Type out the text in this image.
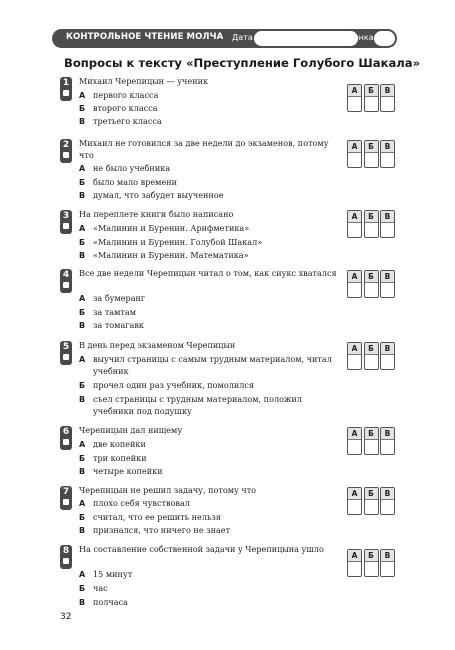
КОНТРОЛЬНОЕ ЧТЕНИЕ МОЛЧА Дата	Оценка
Вопросы к тексту «Преступление Голубого Шакала»
1	Михаил Черепицын — ученик
А первого класса
Б второго класса
В третьего класса
А	Б	В
2	Михаил не готовился за две недели до экзаменов, потому что
А не было учебника
Б было мало времени
В думал, что забудет выученное
А	Б	В
3	На переплете книги было написано
А «Малинин и Буренин. Арифметика»
Б «Малинин и Буренин. Голубой Шакал»
В «Малинин и Буренин. Математика»
А	Б	В
4	Все две недели Черепицын читал о том, как сиукс хватался
А за бумеранг
Б за тамтам
В за томагавк
А	Б	В
5	В день перед экзаменом Черепицын
А выучил страницы с самым трудным материалом, читал учебник
Б прочел один раз учебник, помолился
В съел страницы с трудным материалом, положил учебники под подушку
А	Б	В
6	Черепицын дал нищему
А две копейки
Б три копейки
В четыре копейки
А	Б	В
7	Черепицын не решил задачу, потому что
А плохо себя чувствовал
Б считал, что ее решить нельзя
В признался, что ничего не знает
А	Б	В
8	На составление собственной задачи у Черепицына ушло
А 15 минут
Б час
В полчаса
А	Б	В
32
